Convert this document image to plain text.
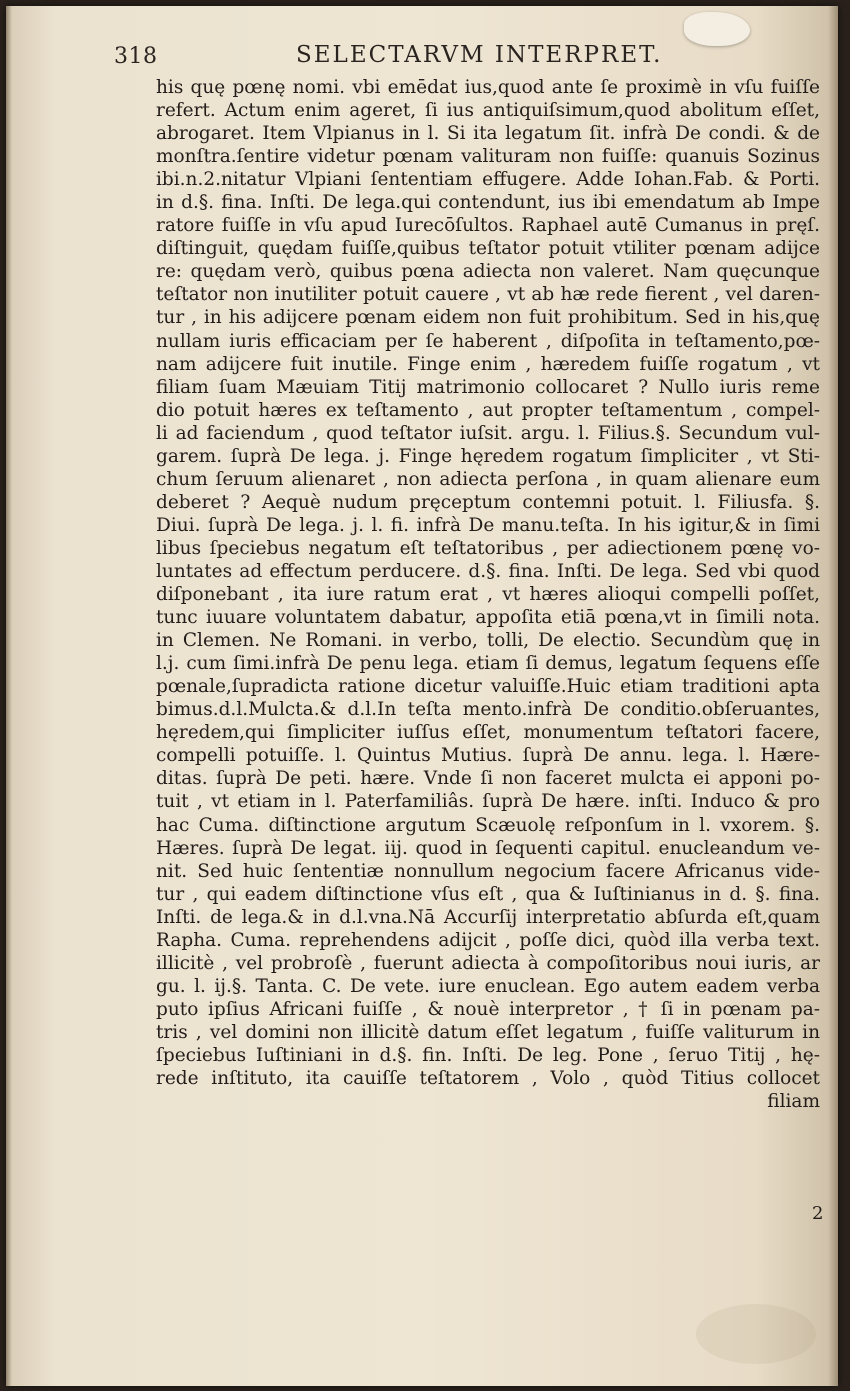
318	SELECTARVM INTERPRET.
his quę pœnę nomi. vbi emēdat ius,quod ante ſe proximè in vſu fuiſſe
refert. Actum enim ageret, ſi ius antiquiſsimum,quod abolitum eſſet,
abrogaret. Item Vlpianus in l. Si ita legatum ſit. infrà De condi. & de
monſtra.ſentire videtur pœnam valituram non fuiſſe: quanuis Sozinus
ibi.n.2.nitatur Vlpiani ſententiam effugere. Adde Iohan.Fab. & Porti.
in d.§. fina. Inſti. De lega.qui contendunt, ius ibi emendatum ab Impe
ratore fuiſſe in vſu apud Iurecōſultos. Raphael autē Cumanus in pręſ.
diſtinguit, quędam fuiſſe,quibus teſtator potuit vtiliter pœnam adijce
re: quędam verò, quibus pœna adiecta non valeret. Nam quęcunque
teſtator non inutiliter potuit cauere , vt ab hæ rede fierent , vel daren-
tur , in his adijcere pœnam eidem non fuit prohibitum. Sed in his,quę
nullam iuris efficaciam per ſe haberent , diſpoſita in teſtamento,pœ-
nam adijcere fuit inutile. Finge enim , hæredem fuiſſe rogatum , vt
filiam ſuam Mæuiam Titij matrimonio collocaret ? Nullo iuris reme
dio potuit hæres ex teſtamento , aut propter teſtamentum , compel-
li ad faciendum , quod teſtator iuſsit. argu. l. Filius.§. Secundum vul-
garem. ſuprà De lega. j. Finge hęredem rogatum ſimpliciter , vt Sti-
chum ſeruum alienaret , non adiecta perſona , in quam alienare eum
deberet ? Aequè nudum pręceptum contemni potuit. l. Filiusfa. §.
Diui. ſuprà De lega. j. l. fi. infrà De manu.teſta. In his igitur,& in ſimi
libus ſpeciebus negatum eſt teſtatoribus , per adiectionem pœnę vo-
luntates ad effectum perducere. d.§. fina. Inſti. De lega. Sed vbi quod
diſponebant , ita iure ratum erat , vt hæres alioqui compelli poſſet,
tunc iuuare voluntatem dabatur, appoſita etiā pœna,vt in ſimili nota.
in Clemen. Ne Romani. in verbo, tolli, De electio. Secundùm quę in
l.j. cum ſimi.infrà De penu lega. etiam ſi demus, legatum ſequens eſſe
pœnale,ſupradicta ratione dicetur valuiſſe.Huic etiam traditioni apta
bimus.d.l.Mulcta.& d.l.In teſta mento.infrà De conditio.obſeruantes,
hęredem,qui ſimpliciter iuſſus eſſet, monumentum teſtatori facere,
compelli potuiſſe. l. Quintus Mutius. ſuprà De annu. lega. l. Hære-
ditas. ſuprà De peti. hære. Vnde ſi non faceret mulcta ei apponi po-
tuit , vt etiam in l. Paterfamiliâs. ſuprà De hære. inſti. Induco & pro
hac Cuma. diſtinctione argutum Scæuolę reſponſum in l. vxorem. §.
Hæres. ſuprà De legat. iij. quod in ſequenti capitul. enucleandum ve-
nit. Sed huic ſententiæ nonnullum negocium facere Africanus vide-
tur , qui eadem diſtinctione vſus eſt , qua & Iuſtinianus in d. §. fina.
Inſti. de lega.& in d.l.vna.Nā Accurſij interpretatio abſurda eſt,quam
Rapha. Cuma. reprehendens adijcit , poſſe dici, quòd illa verba text.
illicitè , vel probroſè , fuerunt adiecta à compoſitoribus noui iuris, ar
gu. l. ij.§. Tanta. C. De vete. iure enuclean. Ego autem eadem verba
puto ipſius Africani fuiſſe , & nouè interpretor , † ſi in pœnam pa-
tris , vel domini non illicitè datum eſſet legatum , fuiſſe valiturum in
ſpeciebus Iuſtiniani in d.§. fin. Inſti. De leg. Pone , ſeruo Titij , hę-
rede inſtituto, ita cauiſſe teſtatorem , Volo , quòd Titius collocet
filiam
2
